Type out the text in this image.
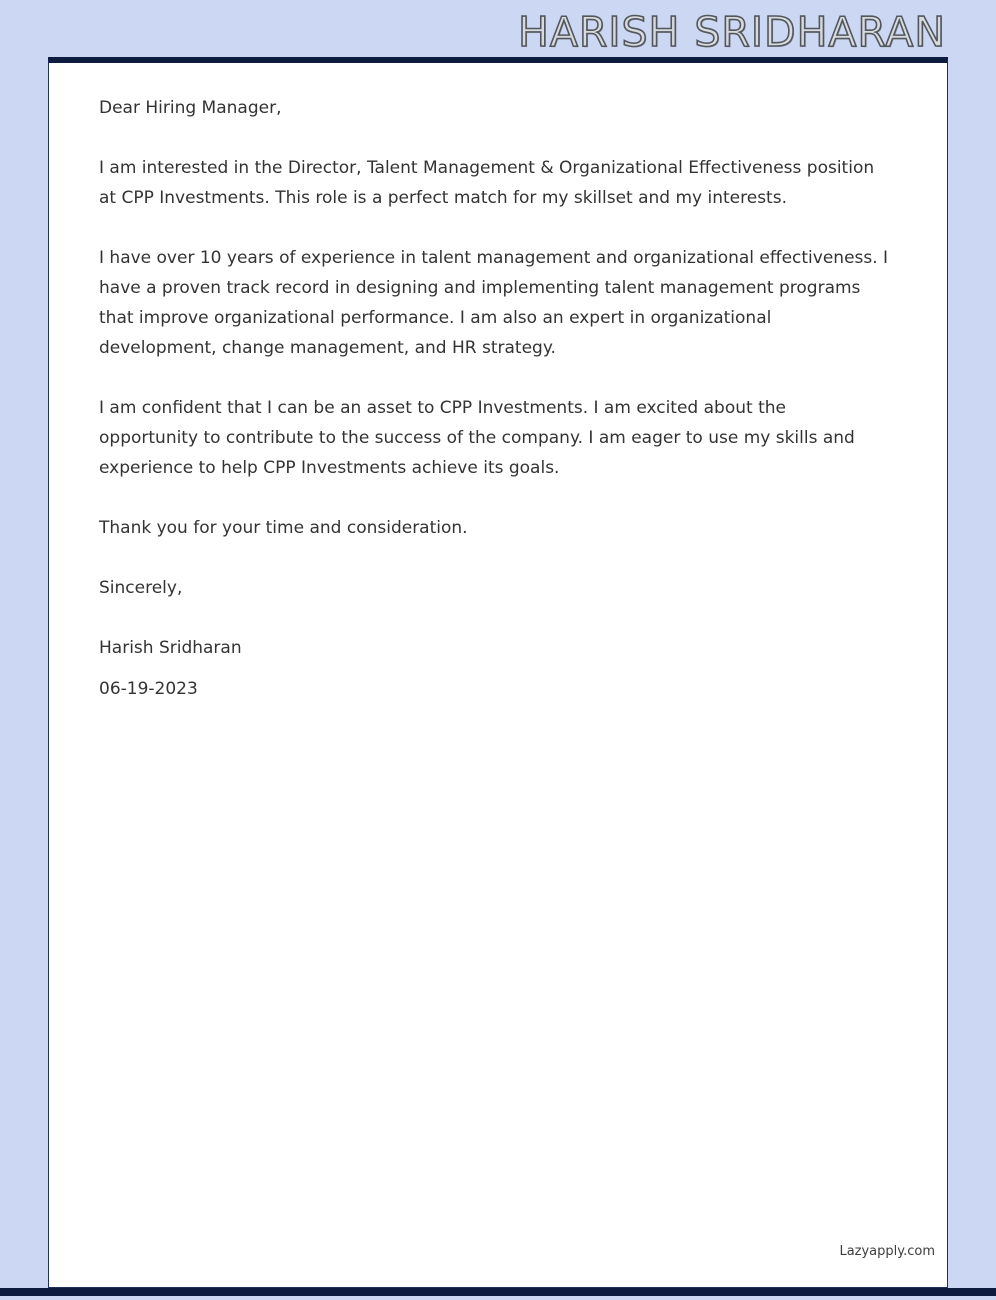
HARISH SRIDHARAN

Dear Hiring Manager,

I am interested in the Director, Talent Management & Organizational Effectiveness position at CPP Investments. This role is a perfect match for my skillset and my interests.

I have over 10 years of experience in talent management and organizational effectiveness. I have a proven track record in designing and implementing talent management programs that improve organizational performance. I am also an expert in organizational development, change management, and HR strategy.

I am confident that I can be an asset to CPP Investments. I am excited about the opportunity to contribute to the success of the company. I am eager to use my skills and experience to help CPP Investments achieve its goals.

Thank you for your time and consideration.

Sincerely,

Harish Sridharan

06-19-2023

Lazyapply.com
